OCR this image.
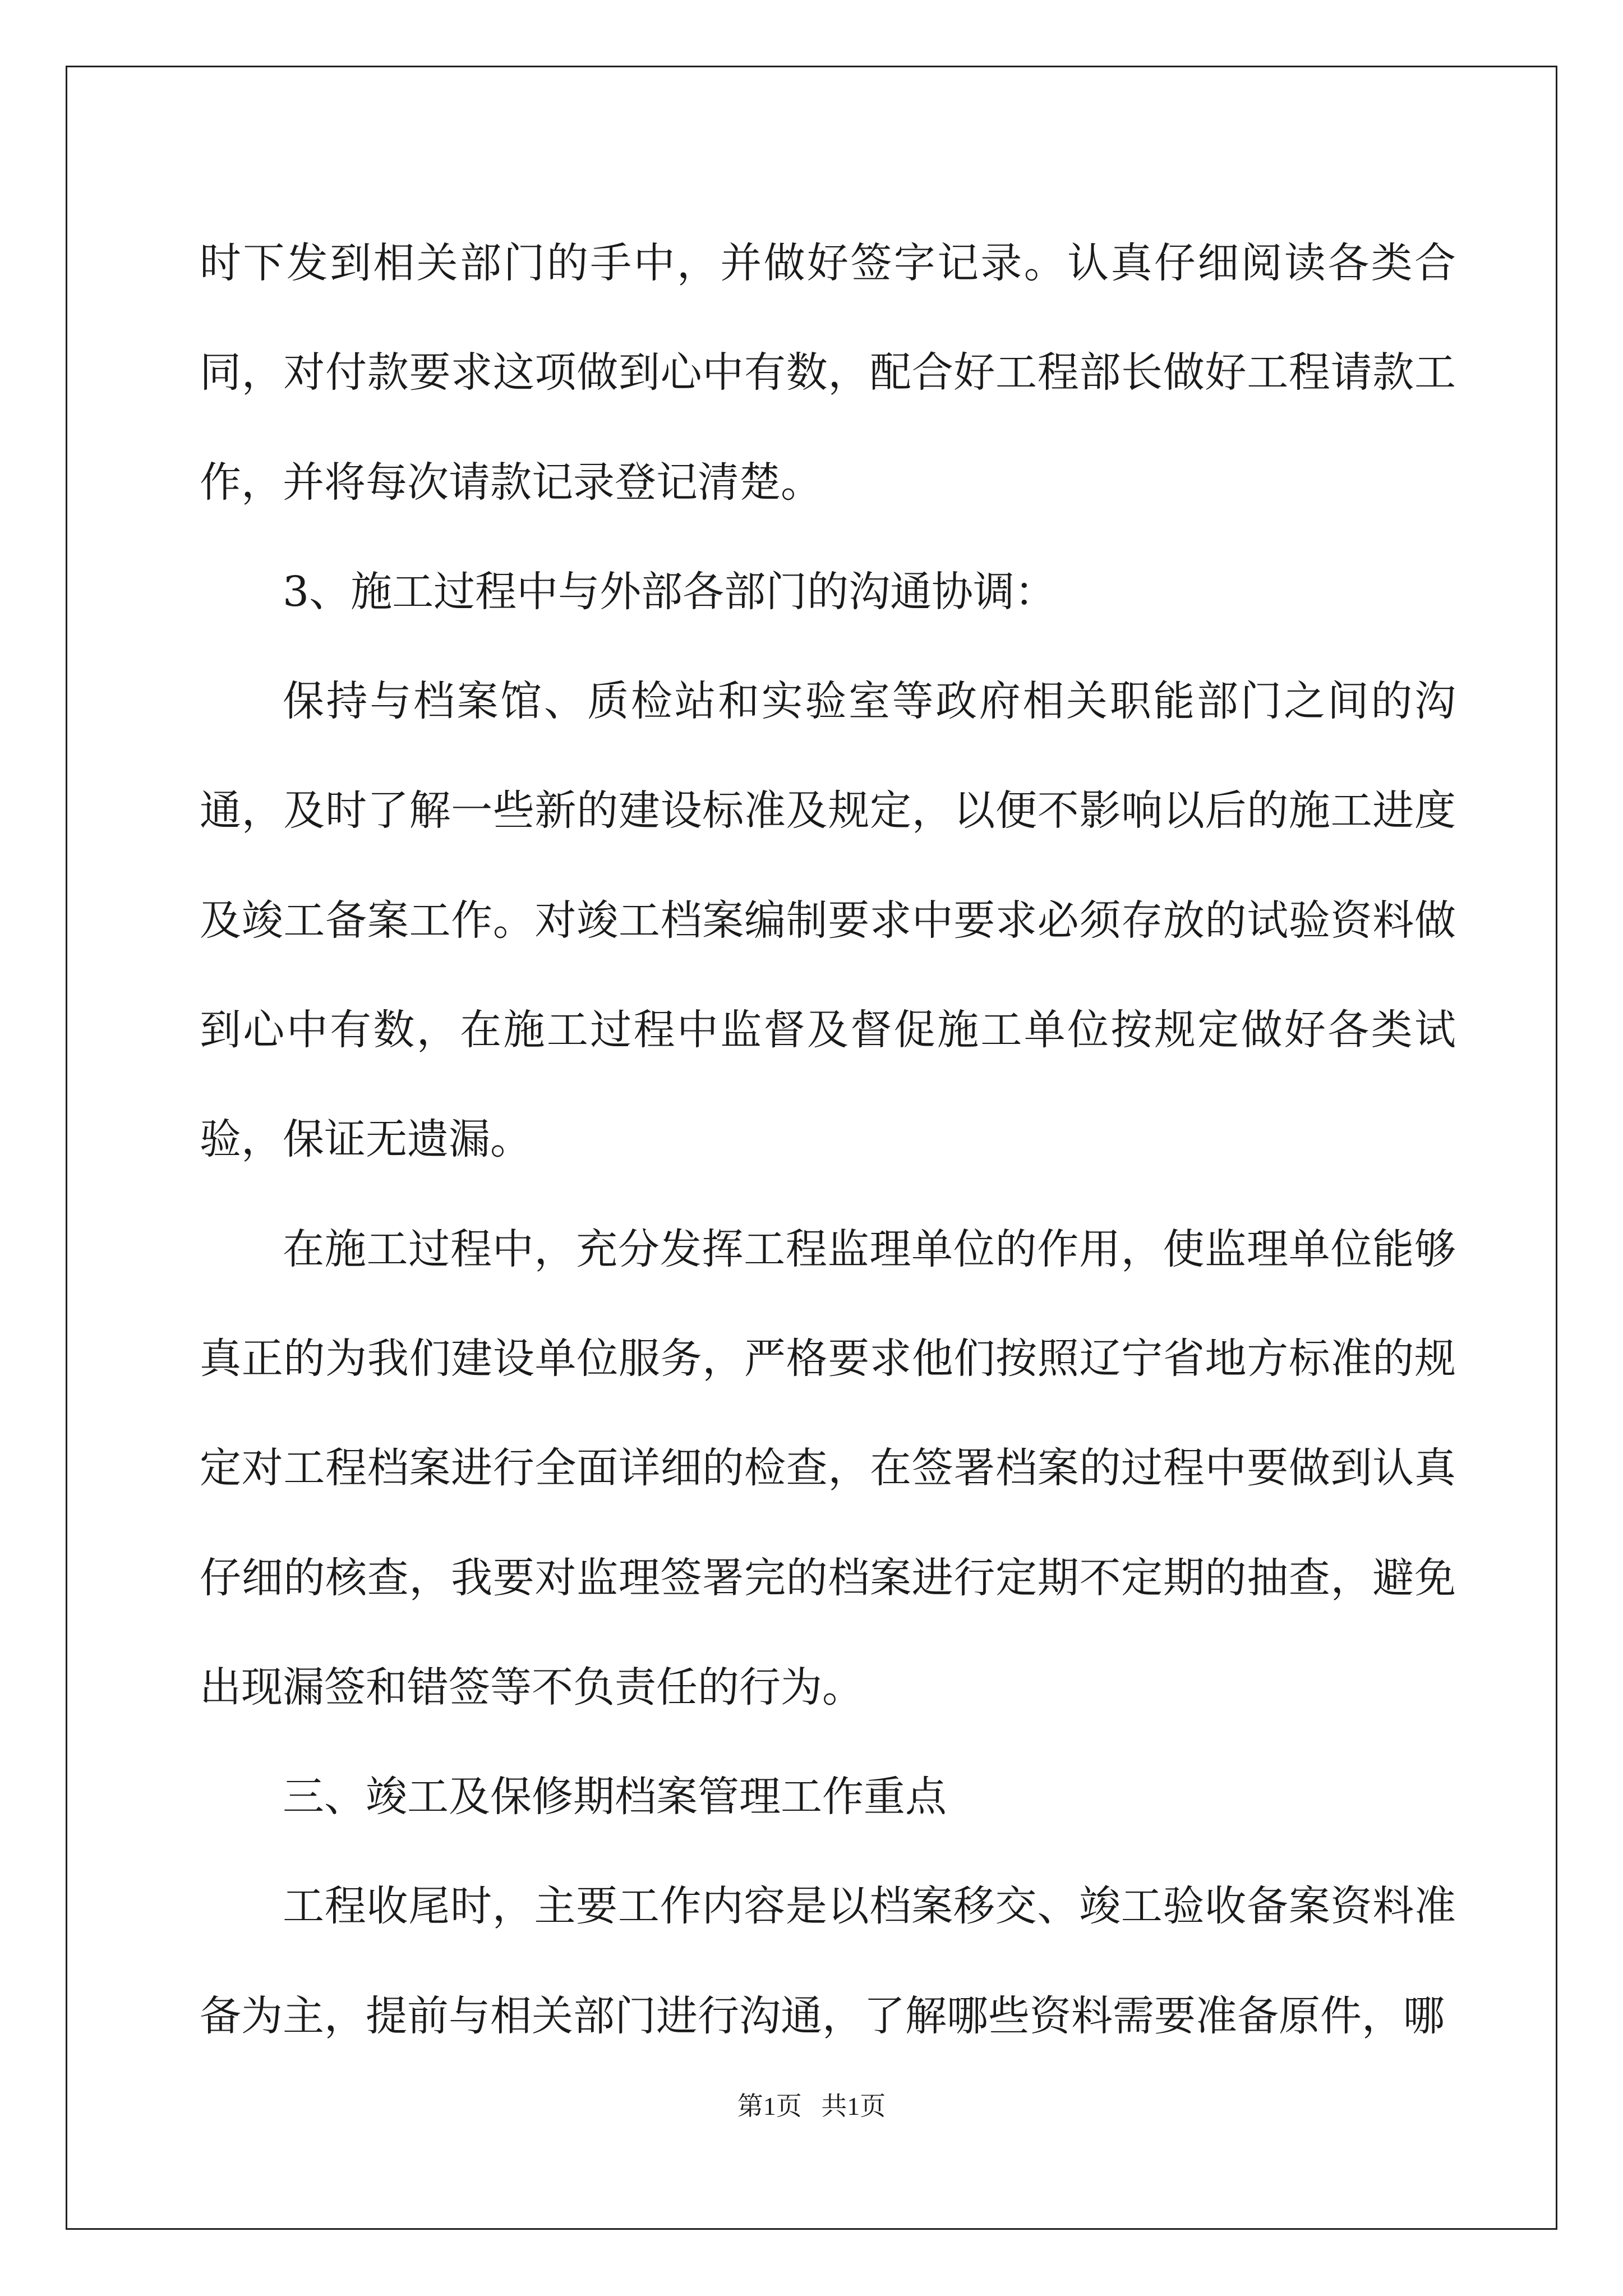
时下发到相关部门的手中，并做好签字记录。认真仔细阅读各类合同，对付款要求这项做到心中有数，配合好工程部长做好工程请款工作，并将每次请款记录登记清楚。

3、施工过程中与外部各部门的沟通协调：

保持与档案馆、质检站和实验室等政府相关职能部门之间的沟通，及时了解一些新的建设标准及规定，以便不影响以后的施工进度及竣工备案工作。对竣工档案编制要求中要求必须存放的试验资料做到心中有数，在施工过程中监督及督促施工单位按规定做好各类试验，保证无遗漏。

在施工过程中，充分发挥工程监理单位的作用，使监理单位能够真正的为我们建设单位服务，严格要求他们按照辽宁省地方标准的规定对工程档案进行全面详细的检查，在签署档案的过程中要做到认真仔细的核查，我要对监理签署完的档案进行定期不定期的抽查，避免出现漏签和错签等不负责任的行为。

三、竣工及保修期档案管理工作重点

工程收尾时，主要工作内容是以档案移交、竣工验收备案资料准备为主，提前与相关部门进行沟通，了解哪些资料需要准备原件，哪

第1页   共1页
